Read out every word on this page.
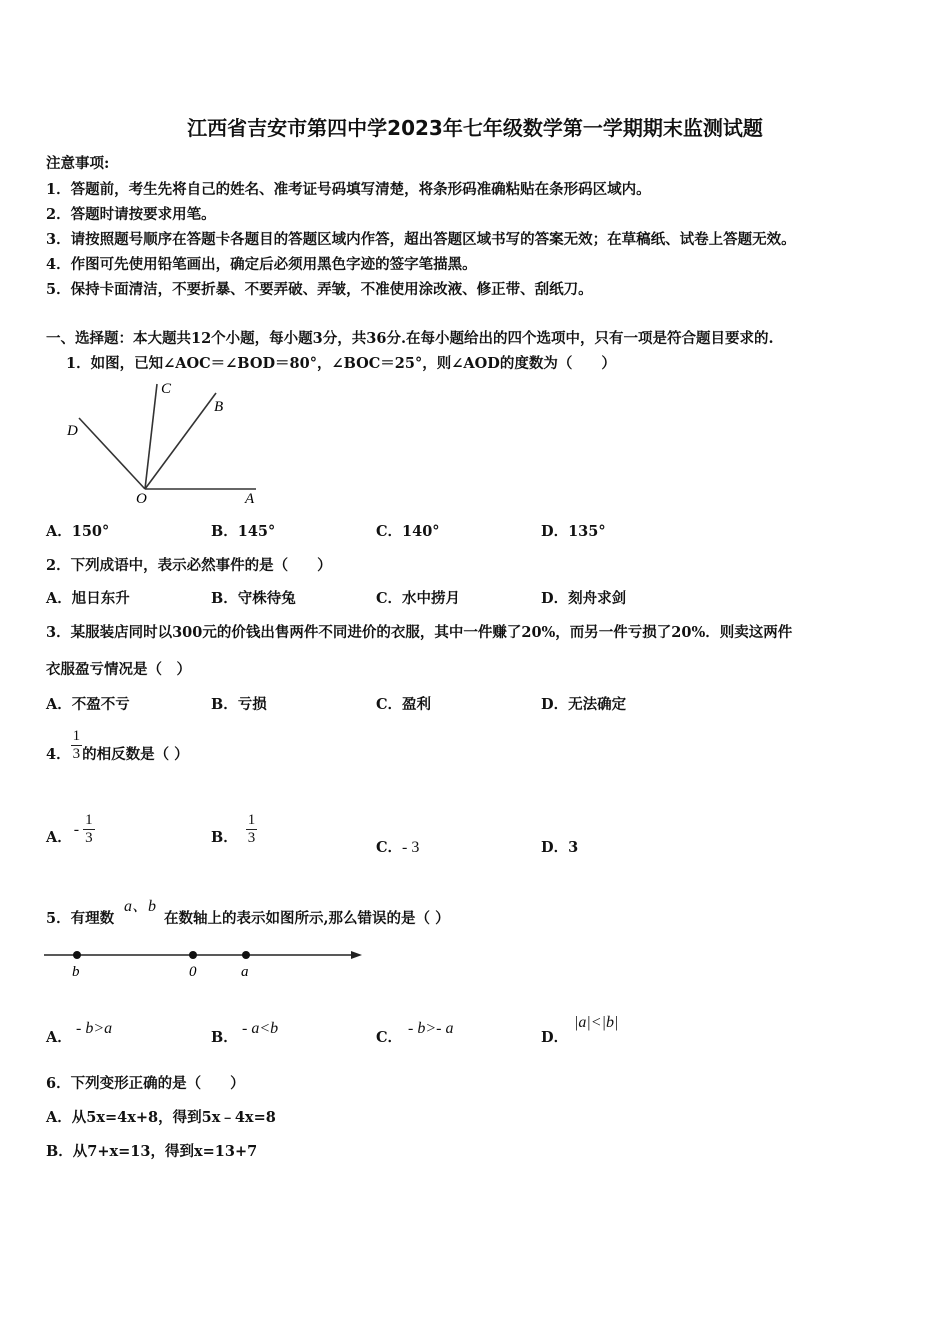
江西省吉安市第四中学2023年七年级数学第一学期期末监测试题
注意事项:
1．答题前，考生先将自己的姓名、准考证号码填写清楚，将条形码准确粘贴在条形码区域内。
2．答题时请按要求用笔。
3．请按照题号顺序在答题卡各题目的答题区域内作答，超出答题区域书写的答案无效；在草稿纸、试卷上答题无效。
4．作图可先使用铅笔画出，确定后必须用黑色字迹的签字笔描黑。
5．保持卡面清洁，不要折暴、不要弄破、弄皱，不准使用涂改液、修正带、刮纸刀。
一、选择题：本大题共12个小题，每小题3分，共36分.在每小题给出的四个选项中，只有一项是符合题目要求的.
1．如图，已知∠AOC＝∠BOD＝80°，∠BOC＝25°，则∠AOD的度数为（　　）
C
B
D
O	A
A．150°	B．145°	C．140°	D．135°
2．下列成语中，表示必然事件的是（　　）
A．旭日东升	B．守株待兔	C．水中捞月	D．刻舟求剑
3．某服装店同时以300元的价钱出售两件不同进价的衣服，其中一件赚了20%，而另一件亏损了20%．则卖这两件
衣服盈亏情况是（　）
A．不盈不亏	B．亏损	C．盈利	D．无法确定
4． $\frac{1}{3}$ 的相反数是（ ）
A． - $\frac{1}{3}$	B． $\frac{1}{3}$
C．- 3	D．3
5．有理数
a、b
在数轴上的表示如图所示,那么错误的是（ ）
b	0	a
A．
- b>a
B．
- a<b
C．
- b>- a
D．
|a|<|b|
6．下列变形正确的是（　　）
A．从5x=4x+8，得到5x﹣4x=8
B．从7+x=13，得到x=13+7
